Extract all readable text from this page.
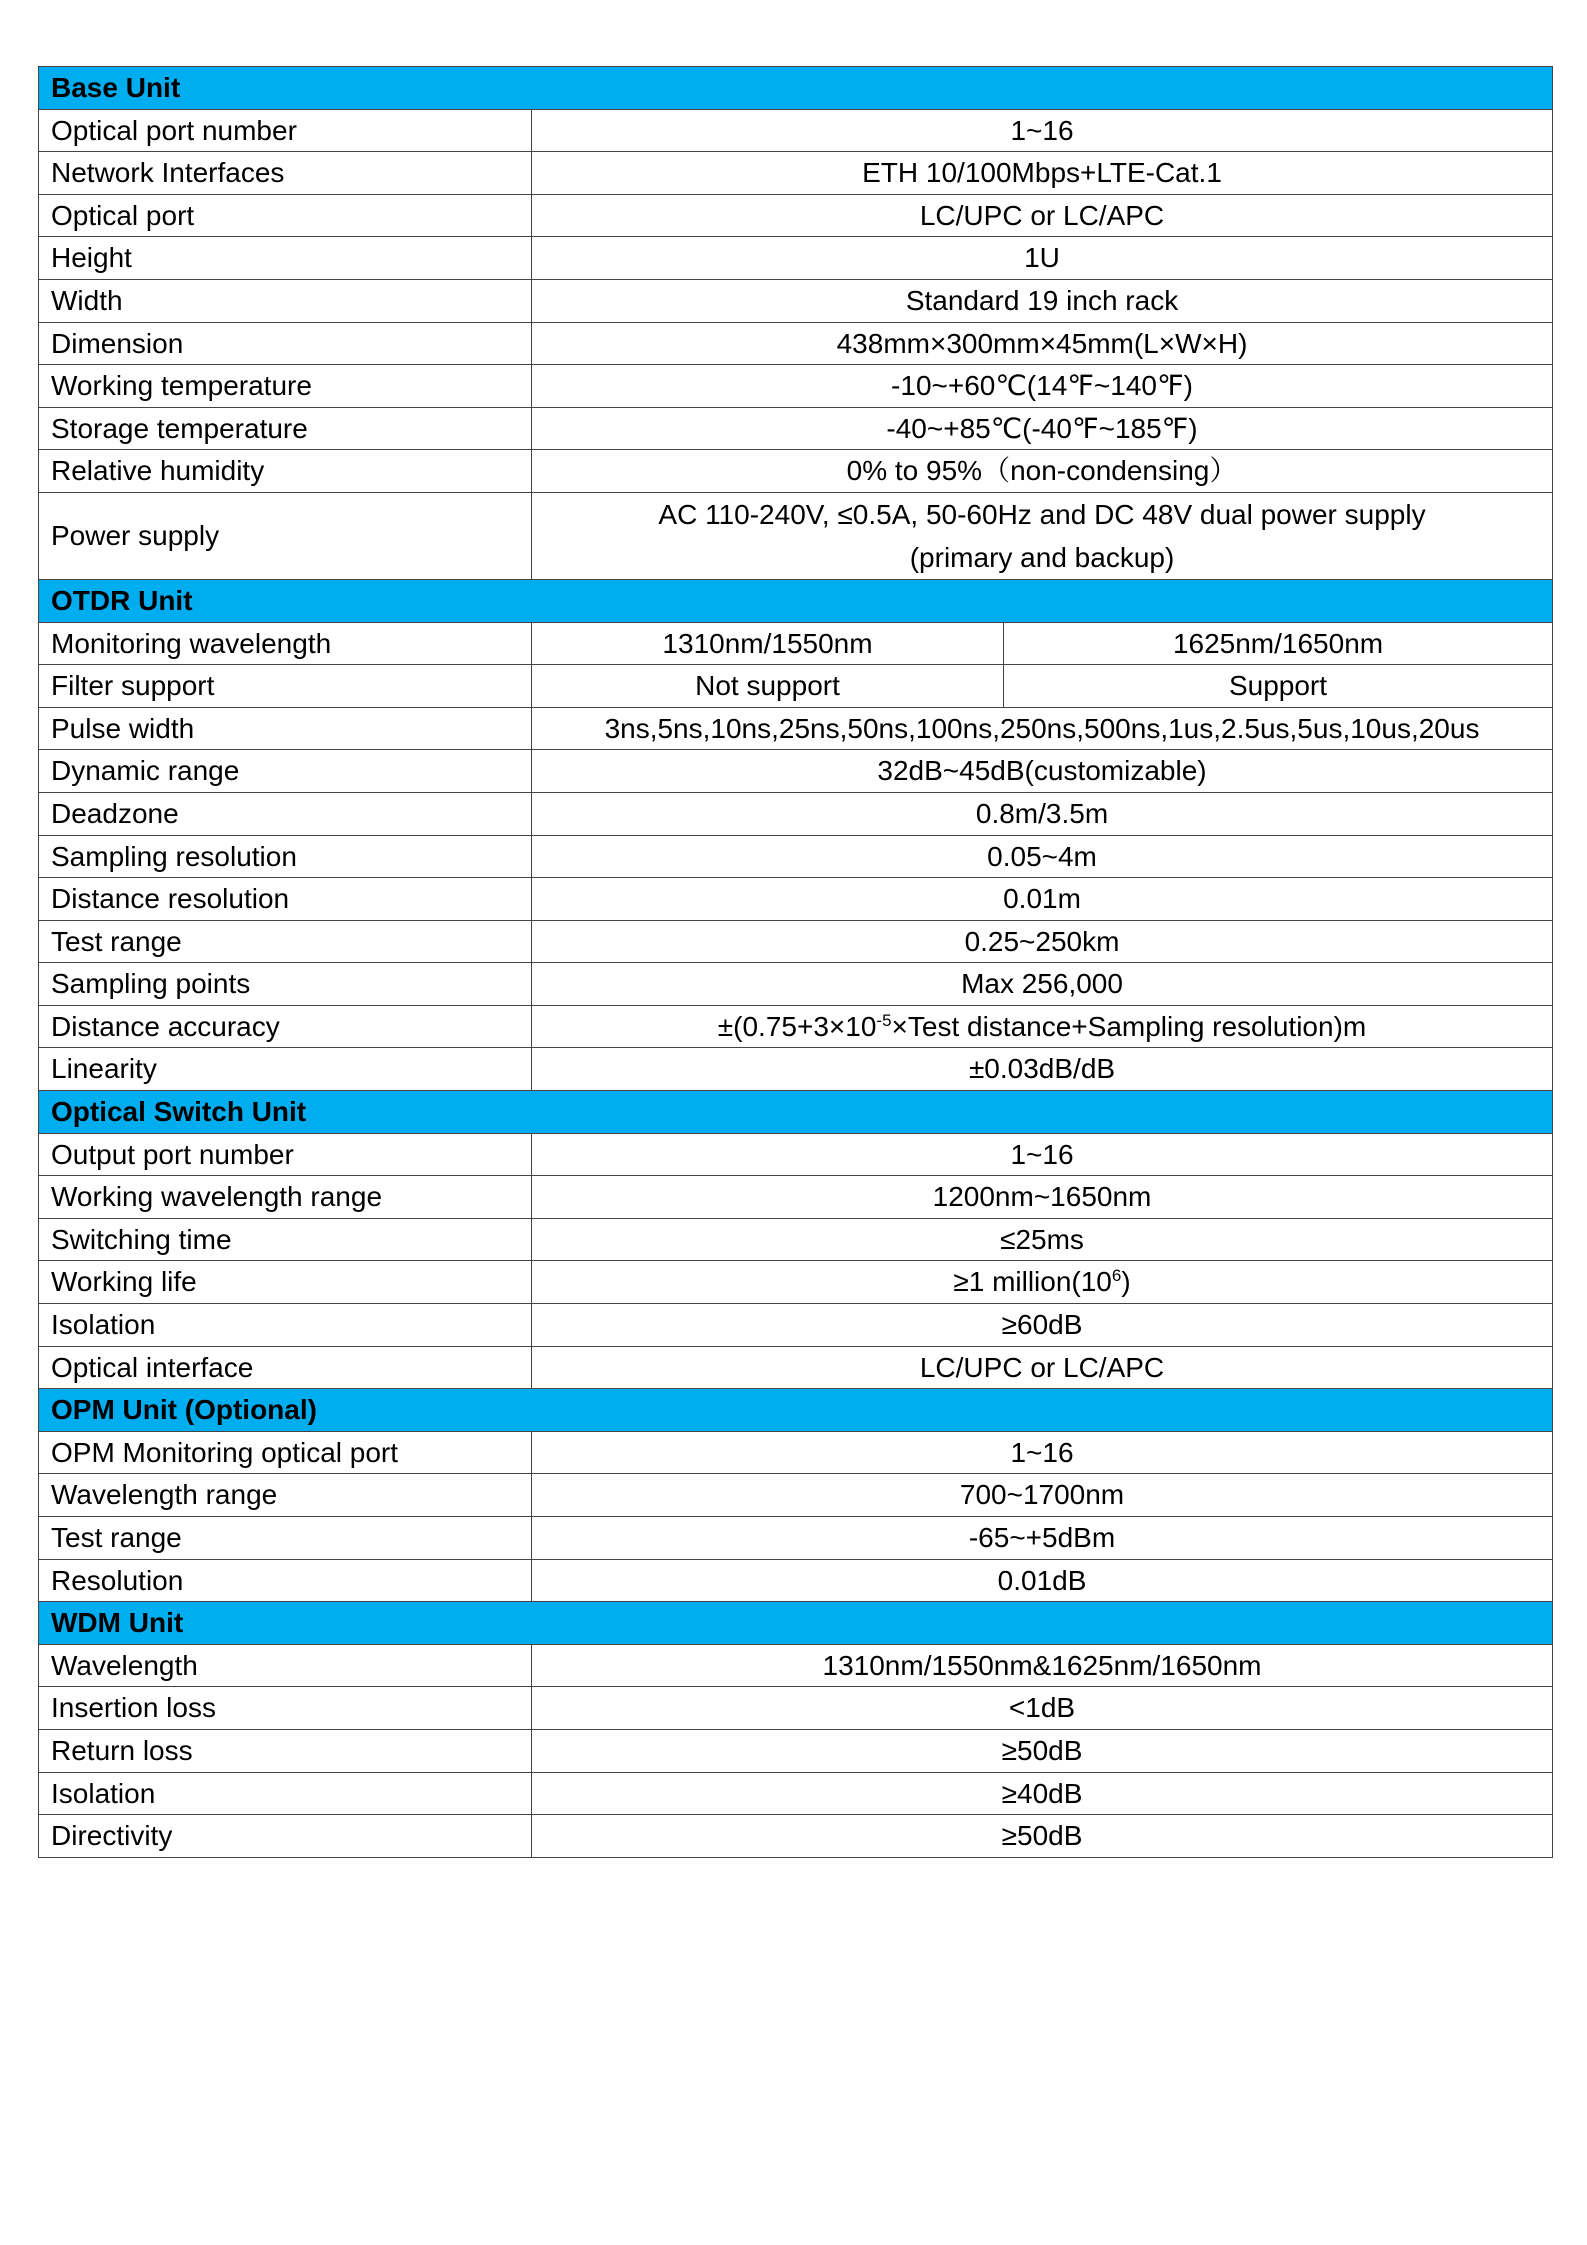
Base Unit		
Optical port number	1~16	
Network Interfaces	ETH 10/100Mbps+LTE-Cat.1	
Optical port	LC/UPC or LC/APC	
Height	1U	
Width	Standard 19 inch rack	
Dimension	438mm×300mm×45mm(L×W×H)	
Working temperature	-10~+60℃(14℉~140℉)	
Storage temperature	-40~+85℃(-40℉~185℉)	
Relative humidity	0% to 95%（non-condensing）	
Power supply	AC 110-240V, ≤0.5A, 50-60Hz and DC 48V dual power supply
(primary and backup)	
OTDR Unit		
Monitoring wavelength	1310nm/1550nm	1625nm/1650nm
Filter support	Not support	Support
Pulse width	3ns,5ns,10ns,25ns,50ns,100ns,250ns,500ns,1us,2.5us,5us,10us,20us	
Dynamic range	32dB~45dB(customizable)	
Deadzone	0.8m/3.5m	
Sampling resolution	0.05~4m	
Distance resolution	0.01m	
Test range	0.25~250km	
Sampling points	Max 256,000	
Distance accuracy	$\pm(0.75+3\times 10^{-5}\times Test$ distance+Sampling resolution)m	
Linearity	±0.03dB/dB	
Optical Switch Unit		
Output port number	1~16	
Working wavelength range	1200nm~1650nm	
Switching time	≤25ms	
Working life	≥1 $million(10^6)$	
Isolation	≥60dB	
Optical interface	LC/UPC or LC/APC	
OPM Unit (Optional)		
OPM Monitoring optical port	1~16	
Wavelength range	700~1700nm	
Test range	-65~+5dBm	
Resolution	0.01dB	
WDM Unit		
Wavelength	1310nm/1550nm&1625nm/1650nm	
Insertion loss	<1dB	
Return loss	≥50dB	
Isolation	≥40dB	
Directivity	≥50dB	
